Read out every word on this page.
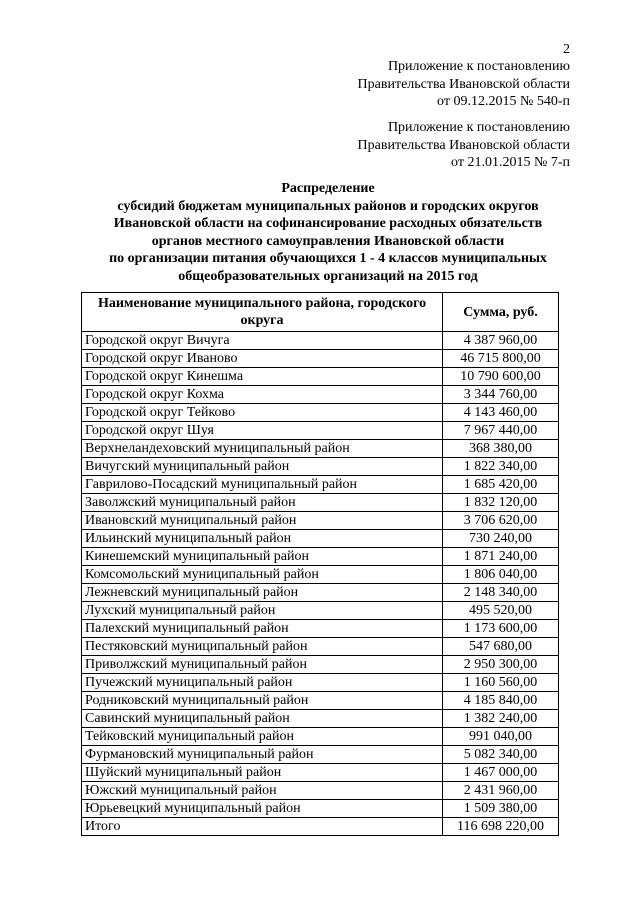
2
Приложение к постановлению
Правительства Ивановской области
от 09.12.2015 № 540-п
Приложение к постановлению
Правительства Ивановской области
от 21.01.2015 № 7-п
Распределение
субсидий бюджетам муниципальных районов и городских округов
Ивановской области на софинансирование расходных обязательств
органов местного самоуправления Ивановской области
по организации питания обучающихся 1 - 4 классов муниципальных
общеобразовательных организаций на 2015 год
Наименование муниципального района, городского округа	Сумма, руб.
Городской округ Вичуга	4 387 960,00
Городской округ Иваново	46 715 800,00
Городской округ Кинешма	10 790 600,00
Городской округ Кохма	3 344 760,00
Городской округ Тейково	4 143 460,00
Городской округ Шуя	7 967 440,00
Верхнеландеховский муниципальный район	368 380,00
Вичугский муниципальный район	1 822 340,00
Гаврилово-Посадский муниципальный район	1 685 420,00
Заволжский муниципальный район	1 832 120,00
Ивановский муниципальный район	3 706 620,00
Ильинский муниципальный район	730 240,00
Кинешемский муниципальный район	1 871 240,00
Комсомольский муниципальный район	1 806 040,00
Лежневский муниципальный район	2 148 340,00
Лухский муниципальный район	495 520,00
Палехский муниципальный район	1 173 600,00
Пестяковский муниципальный район	547 680,00
Приволжский муниципальный район	2 950 300,00
Пучежский муниципальный район	1 160 560,00
Родниковский муниципальный район	4 185 840,00
Савинский муниципальный район	1 382 240,00
Тейковский муниципальный район	991 040,00
Фурмановский муниципальный район	5 082 340,00
Шуйский муниципальный район	1 467 000,00
Южский муниципальный район	2 431 960,00
Юрьевецкий муниципальный район	1 509 380,00
Итого	116 698 220,00
